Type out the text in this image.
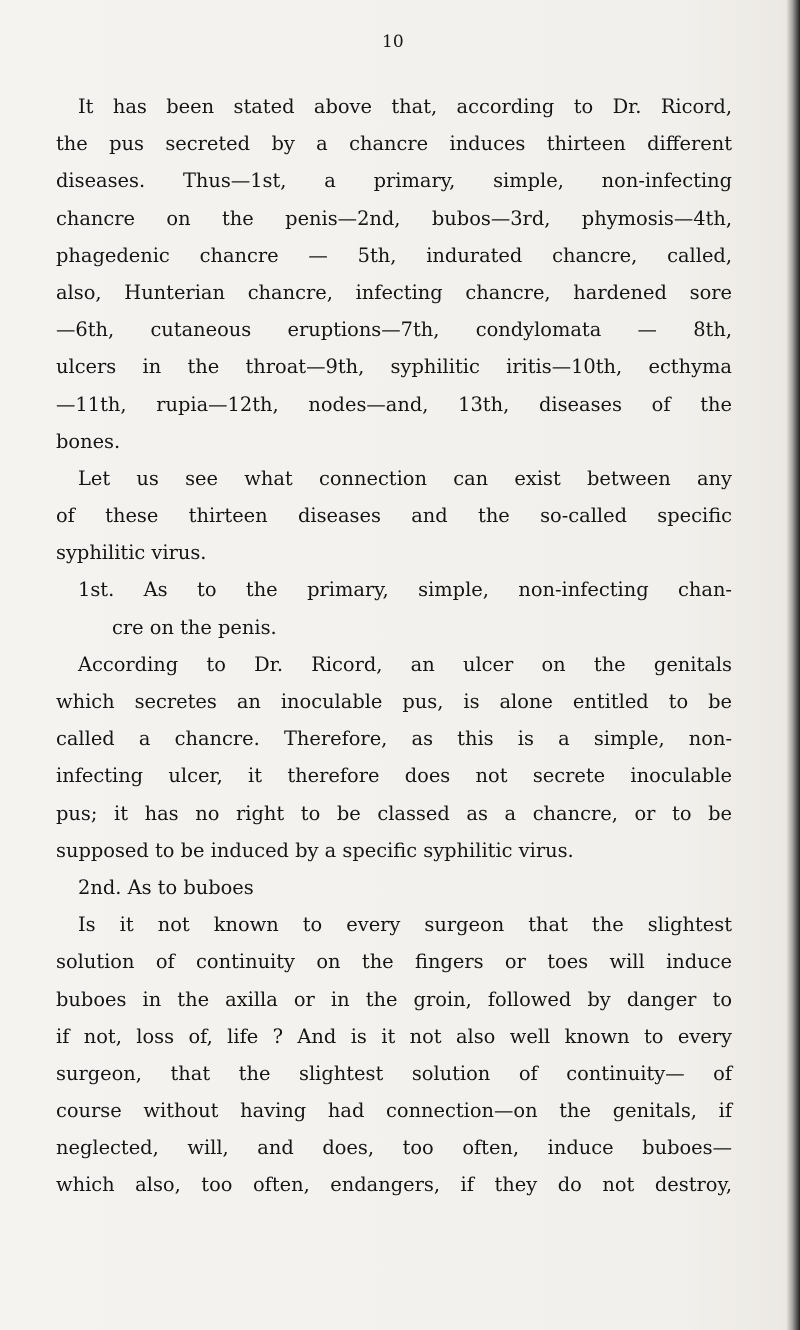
10
It has been stated above that, according to Dr. Ricord,
the pus secreted by a chancre induces thirteen different
diseases. Thus—1st, a primary, simple, non-infecting
chancre on the penis—2nd, bubos—3rd, phymosis—4th,
phagedenic chancre — 5th, indurated chancre, called,
also, Hunterian chancre, infecting chancre, hardened sore
—6th, cutaneous eruptions—7th, condylomata — 8th,
ulcers in the throat—9th, syphilitic iritis—10th, ecthyma
—11th, rupia—12th, nodes—and, 13th, diseases of the
bones.
Let us see what connection can exist between any
of these thirteen diseases and the so-called specific
syphilitic virus.
1st. As to the primary, simple, non-infecting chan-
cre on the penis.
According to Dr. Ricord, an ulcer on the genitals
which secretes an inoculable pus, is alone entitled to be
called a chancre. Therefore, as this is a simple, non-
infecting ulcer, it therefore does not secrete inoculable
pus; it has no right to be classed as a chancre, or to be
supposed to be induced by a specific syphilitic virus.
2nd. As to buboes
Is it not known to every surgeon that the slightest
solution of continuity on the fingers or toes will induce
buboes in the axilla or in the groin, followed by danger to
if not, loss of, life ? And is it not also well known to every
surgeon, that the slightest solution of continuity— of
course without having had connection—on the genitals, if
neglected, will, and does, too often, induce buboes—
which also, too often, endangers, if they do not destroy,
